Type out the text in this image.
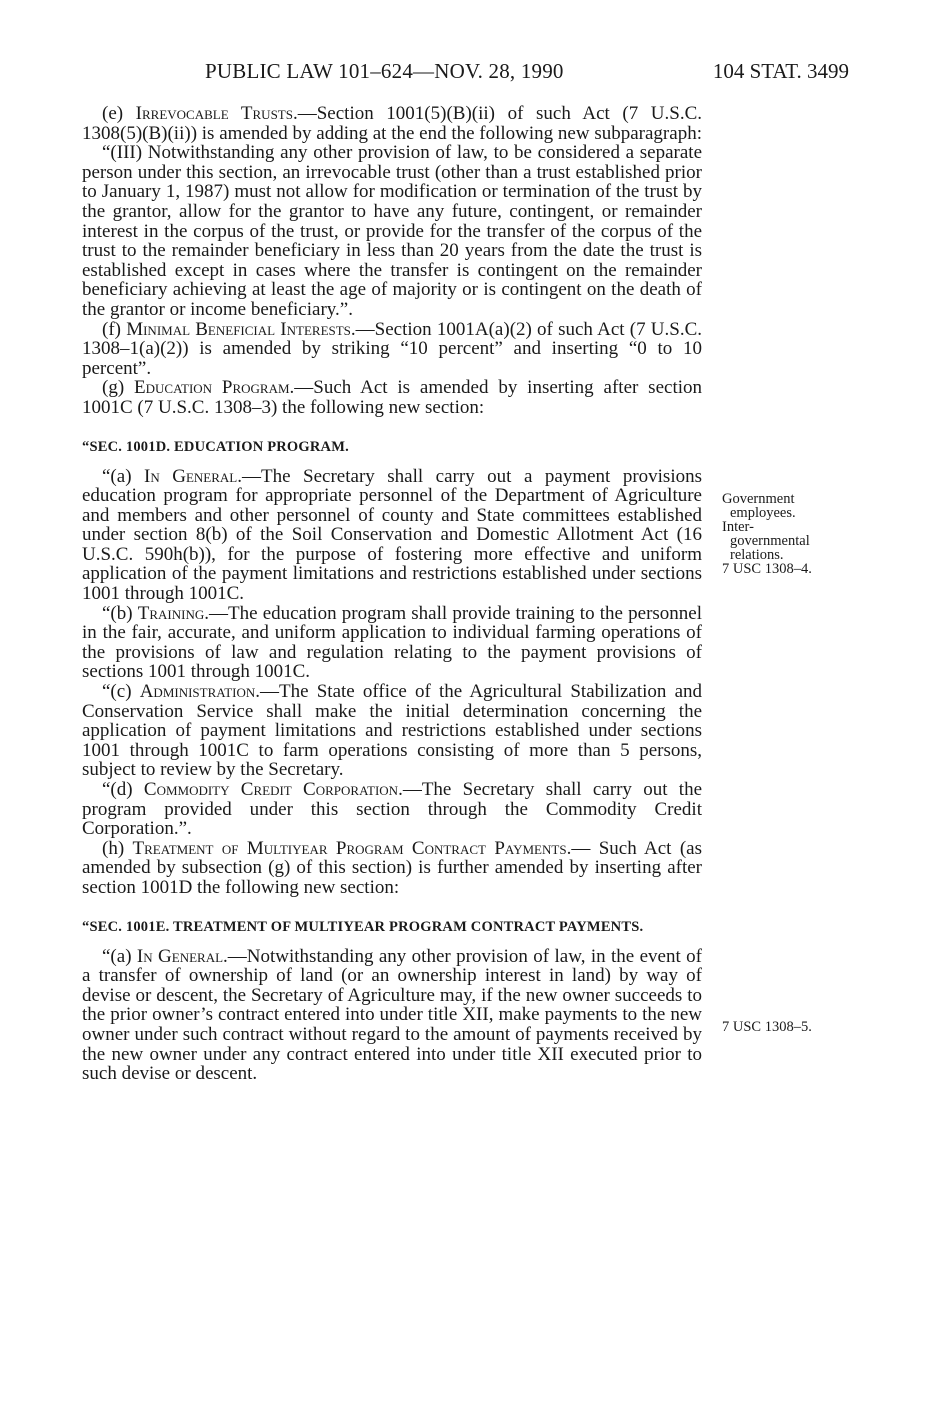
PUBLIC LAW 101–624—NOV. 28, 1990	104 STAT. 3499

(e) Irrevocable Trusts.—Section 1001(5)(B)(ii) of such Act (7 U.S.C. 1308(5)(B)(ii)) is amended by adding at the end the following new subparagraph:

“(III) Notwithstanding any other provision of law, to be considered a separate person under this section, an irrevocable trust (other than a trust established prior to January 1, 1987) must not allow for modification or termination of the trust by the grantor, allow for the grantor to have any future, contingent, or remainder interest in the corpus of the trust, or provide for the transfer of the corpus of the trust to the remainder beneficiary in less than 20 years from the date the trust is established except in cases where the transfer is contingent on the remainder beneficiary achieving at least the age of majority or is contingent on the death of the grantor or income beneficiary.”.

(f) Minimal Beneficial Interests.—Section 1001A(a)(2) of such Act (7 U.S.C. 1308–1(a)(2)) is amended by striking “10 percent” and inserting “0 to 10 percent”.

(g) Education Program.—Such Act is amended by inserting after section 1001C (7 U.S.C. 1308–3) the following new section:

“SEC. 1001D. EDUCATION PROGRAM.

“(a) In General.—The Secretary shall carry out a payment provisions education program for appropriate personnel of the Department of Agriculture and members and other personnel of county and State committees established under section 8(b) of the Soil Conservation and Domestic Allotment Act (16 U.S.C. 590h(b)), for the purpose of fostering more effective and uniform application of the payment limitations and restrictions established under sections 1001 through 1001C.

“(b) Training.—The education program shall provide training to the personnel in the fair, accurate, and uniform application to individual farming operations of the provisions of law and regulation relating to the payment provisions of sections 1001 through 1001C.

“(c) Administration.—The State office of the Agricultural Stabilization and Conservation Service shall make the initial determination concerning the application of payment limitations and restrictions established under sections 1001 through 1001C to farm operations consisting of more than 5 persons, subject to review by the Secretary.

“(d) Commodity Credit Corporation.—The Secretary shall carry out the program provided under this section through the Commodity Credit Corporation.”.

(h) Treatment of Multiyear Program Contract Payments.— Such Act (as amended by subsection (g) of this section) is further amended by inserting after section 1001D the following new section:

“SEC. 1001E. TREATMENT OF MULTIYEAR PROGRAM CONTRACT PAYMENTS.

“(a) In General.—Notwithstanding any other provision of law, in the event of a transfer of ownership of land (or an ownership interest in land) by way of devise or descent, the Secretary of Agriculture may, if the new owner succeeds to the prior owner’s contract entered into under title XII, make payments to the new owner under such contract without regard to the amount of payments received by the new owner under any contract entered into under title XII executed prior to such devise or descent.

Government
employees.
Inter-
governmental
relations.
7 USC 1308–4.
7 USC 1308–5.
